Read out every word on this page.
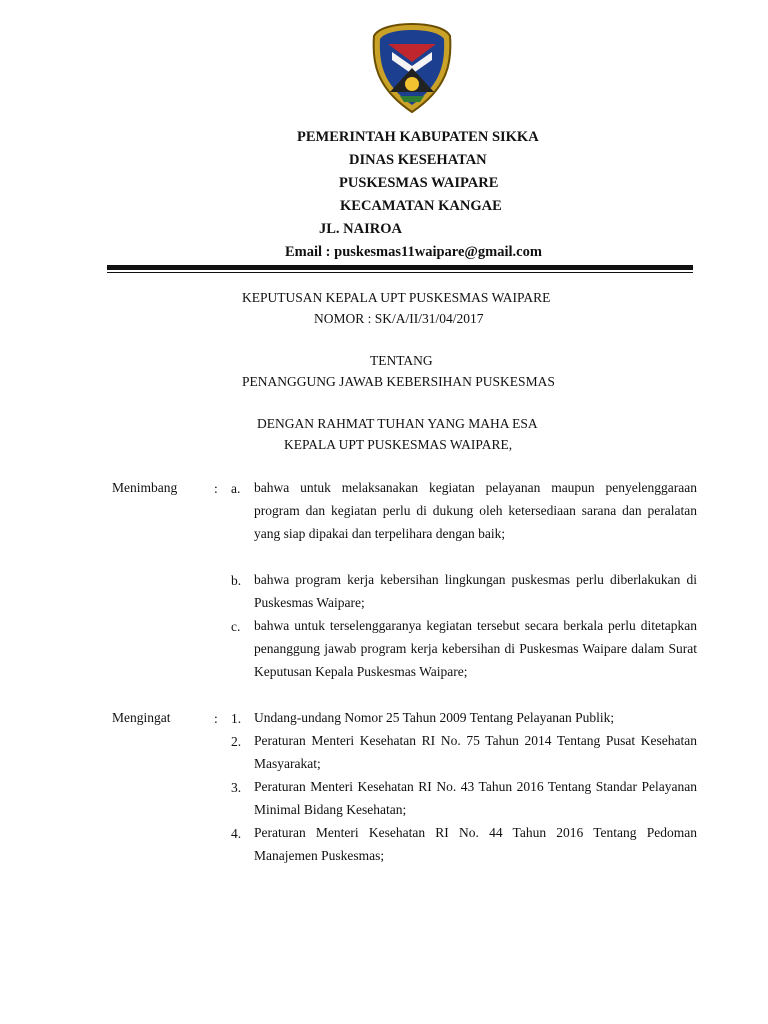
PEMERINTAH KABUPATEN SIKKA
DINAS KESEHATAN
PUSKESMAS WAIPARE
KECAMATAN KANGAE
JL. NAIROA
Email : puskesmas11waipare@gmail.com
KEPUTUSAN KEPALA UPT PUSKESMAS WAIPARE
NOMOR : SK/A/II/31/04/2017
TENTANG
PENANGGUNG JAWAB KEBERSIHAN PUSKESMAS
DENGAN RAHMAT TUHAN YANG MAHA ESA
KEPALA UPT PUSKESMAS WAIPARE,
Menimbang	: a. bahwa untuk melaksanakan kegiatan pelayanan maupun penyelenggaraan program dan kegiatan perlu di dukung oleh ketersediaan sarana dan peralatan yang siap dipakai dan terpelihara dengan baik;
b. bahwa program kerja kebersihan lingkungan puskesmas perlu diberlakukan di Puskesmas Waipare;
c. bahwa untuk terselenggaranya kegiatan tersebut secara berkala perlu ditetapkan penanggung jawab program kerja kebersihan di Puskesmas Waipare dalam Surat Keputusan Kepala Puskesmas Waipare;
Mengingat	: 1. Undang-undang Nomor 25 Tahun 2009 Tentang Pelayanan Publik;
2. Peraturan Menteri Kesehatan RI No. 75 Tahun 2014 Tentang Pusat Kesehatan Masyarakat;
3. Peraturan Menteri Kesehatan RI No. 43 Tahun 2016 Tentang Standar Pelayanan Minimal Bidang Kesehatan;
4. Peraturan Menteri Kesehatan RI No. 44 Tahun 2016 Tentang Pedoman Manajemen Puskesmas;
